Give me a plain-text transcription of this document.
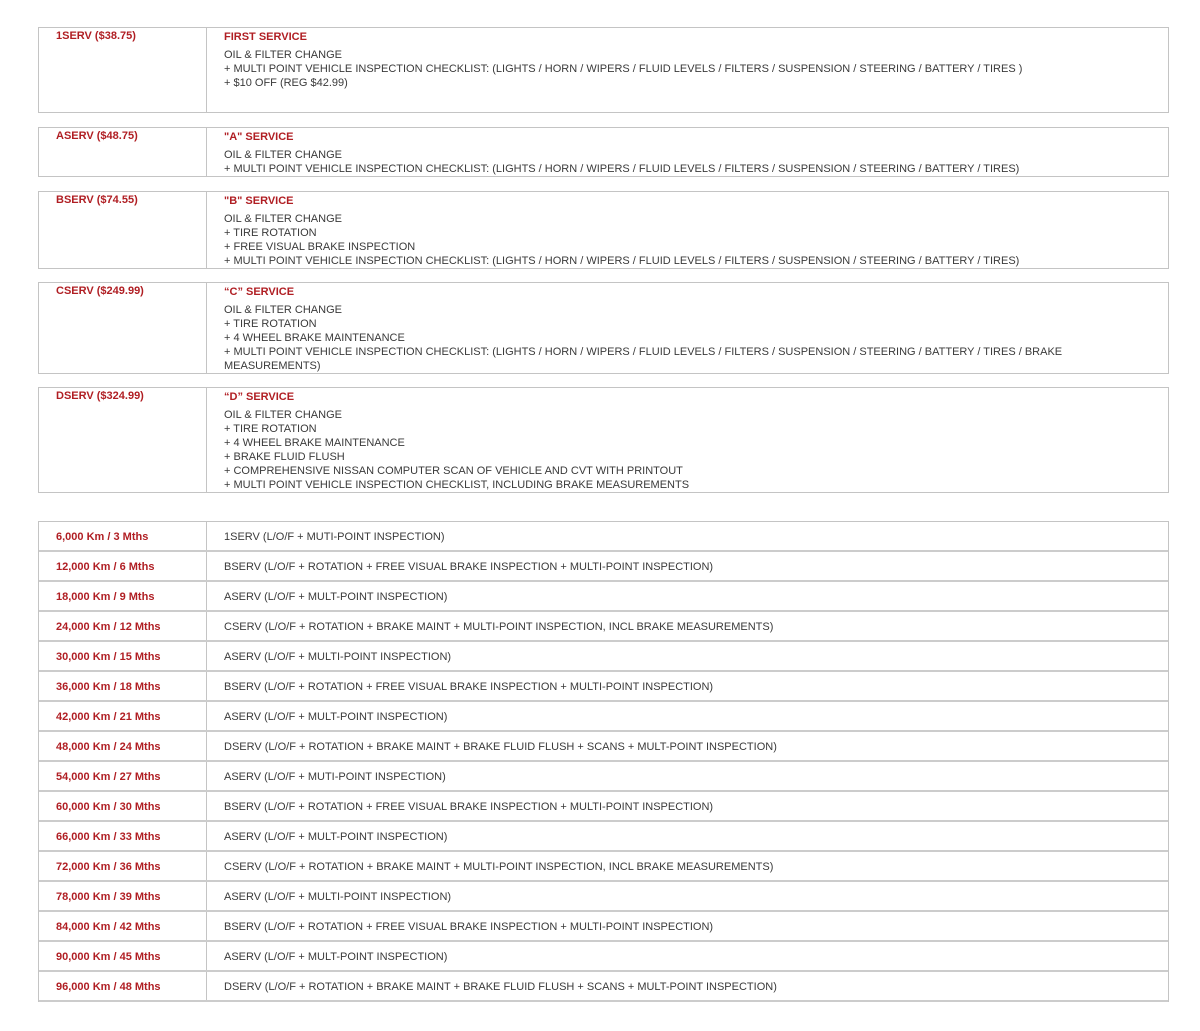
1SERV ($38.75)	FIRST SERVICE
OIL & FILTER CHANGE
+ MULTI POINT VEHICLE INSPECTION CHECKLIST: (LIGHTS / HORN / WIPERS / FLUID LEVELS / FILTERS / SUSPENSION / STEERING / BATTERY / TIRES )
+ $10 OFF (REG $42.99)
ASERV ($48.75)	"A" SERVICE
OIL & FILTER CHANGE
+ MULTI POINT VEHICLE INSPECTION CHECKLIST: (LIGHTS / HORN / WIPERS / FLUID LEVELS / FILTERS / SUSPENSION / STEERING / BATTERY / TIRES)
BSERV ($74.55)	"B" SERVICE
OIL & FILTER CHANGE
+ TIRE ROTATION
+ FREE VISUAL BRAKE INSPECTION
+ MULTI POINT VEHICLE INSPECTION CHECKLIST: (LIGHTS / HORN / WIPERS / FLUID LEVELS / FILTERS / SUSPENSION / STEERING / BATTERY / TIRES)
CSERV ($249.99)	“C” SERVICE
OIL & FILTER CHANGE
+ TIRE ROTATION
+ 4 WHEEL BRAKE MAINTENANCE
+ MULTI POINT VEHICLE INSPECTION CHECKLIST: (LIGHTS / HORN / WIPERS / FLUID LEVELS / FILTERS / SUSPENSION / STEERING / BATTERY / TIRES / BRAKE MEASUREMENTS)
DSERV ($324.99)	“D” SERVICE
OIL & FILTER CHANGE
+ TIRE ROTATION
+ 4 WHEEL BRAKE MAINTENANCE
+ BRAKE FLUID FLUSH
+ COMPREHENSIVE NISSAN COMPUTER SCAN OF VEHICLE AND CVT WITH PRINTOUT
+ MULTI POINT VEHICLE INSPECTION CHECKLIST, INCLUDING BRAKE MEASUREMENTS
6,000 Km / 3 Mths	1SERV (L/O/F + MUTI-POINT INSPECTION)
12,000 Km / 6 Mths	BSERV (L/O/F + ROTATION + FREE VISUAL BRAKE INSPECTION + MULTI-POINT INSPECTION)
18,000 Km / 9 Mths	ASERV (L/O/F + MULT-POINT INSPECTION)
24,000 Km / 12 Mths	CSERV (L/O/F + ROTATION + BRAKE MAINT + MULTI-POINT INSPECTION, INCL BRAKE MEASUREMENTS)
30,000 Km / 15 Mths	ASERV (L/O/F + MULTI-POINT INSPECTION)
36,000 Km / 18 Mths	BSERV (L/O/F + ROTATION + FREE VISUAL BRAKE INSPECTION + MULTI-POINT INSPECTION)
42,000 Km / 21 Mths	ASERV (L/O/F + MULT-POINT INSPECTION)
48,000 Km / 24 Mths	DSERV (L/O/F + ROTATION + BRAKE MAINT + BRAKE FLUID FLUSH + SCANS + MULT-POINT INSPECTION)
54,000 Km / 27 Mths	ASERV (L/O/F + MUTI-POINT INSPECTION)
60,000 Km / 30 Mths	BSERV (L/O/F + ROTATION + FREE VISUAL BRAKE INSPECTION + MULTI-POINT INSPECTION)
66,000 Km / 33 Mths	ASERV (L/O/F + MULT-POINT INSPECTION)
72,000 Km / 36 Mths	CSERV (L/O/F + ROTATION + BRAKE MAINT + MULTI-POINT INSPECTION, INCL BRAKE MEASUREMENTS)
78,000 Km / 39 Mths	ASERV (L/O/F + MULTI-POINT INSPECTION)
84,000 Km / 42 Mths	BSERV (L/O/F + ROTATION + FREE VISUAL BRAKE INSPECTION + MULTI-POINT INSPECTION)
90,000 Km / 45 Mths	ASERV (L/O/F + MULT-POINT INSPECTION)
96,000 Km / 48 Mths	DSERV (L/O/F + ROTATION + BRAKE MAINT + BRAKE FLUID FLUSH + SCANS + MULT-POINT INSPECTION)
